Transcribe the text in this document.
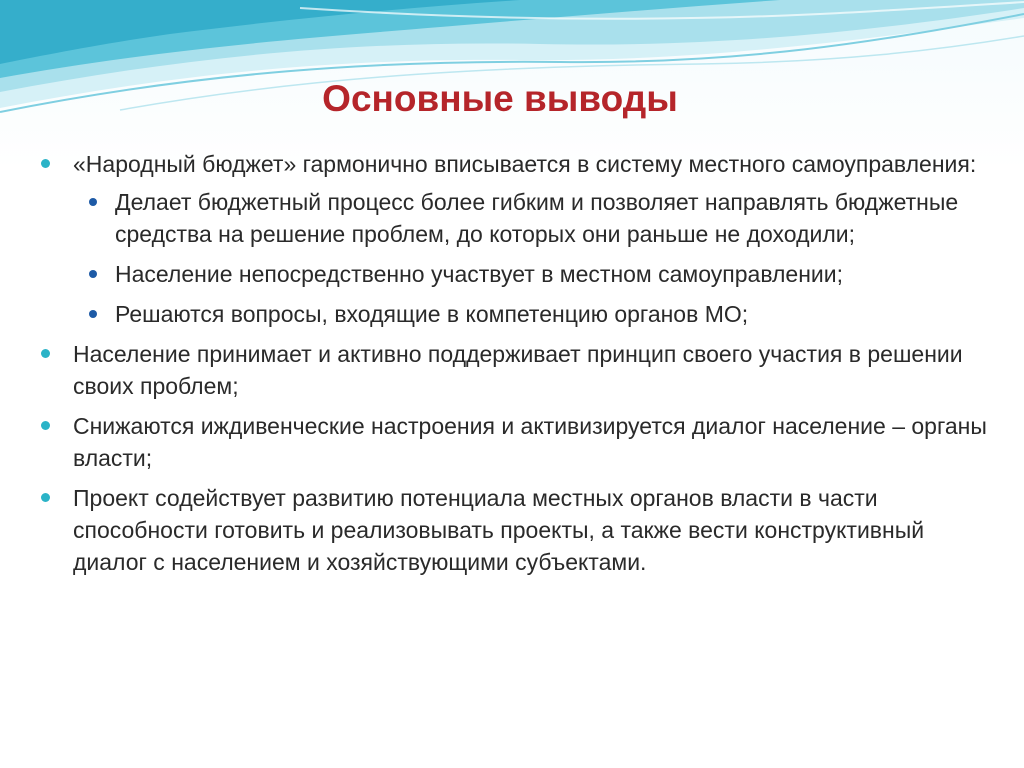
Основные выводы
«Народный бюджет» гармонично вписывается в систему местного самоуправления:
Делает бюджетный процесс более гибким и позволяет направлять бюджетные средства на решение проблем, до которых они раньше не доходили;
Население непосредственно участвует в местном самоуправлении;
Решаются вопросы, входящие в компетенцию органов МО;
Население принимает и активно поддерживает принцип своего участия в решении своих проблем;
Снижаются иждивенческие настроения и активизируется диалог население – органы власти;
Проект содействует развитию потенциала местных органов власти в части способности готовить и реализовывать проекты, а также вести конструктивный диалог с населением и хозяйствующими субъектами.
